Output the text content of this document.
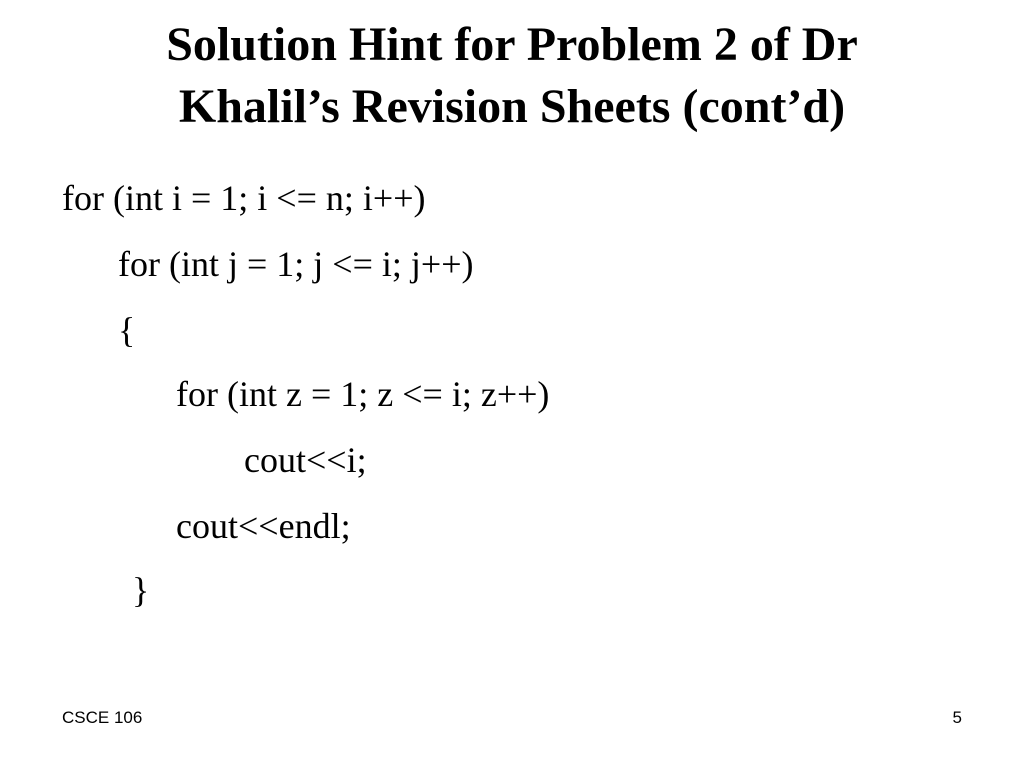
Solution Hint for Problem 2 of Dr
Khalil’s Revision Sheets (cont’d)
for (int i = 1; i <= n; i++)
for (int j = 1; j <= i; j++)
{
for (int z = 1; z <= i; z++)
cout<<i;
cout<<endl;
}
CSCE 106	5
